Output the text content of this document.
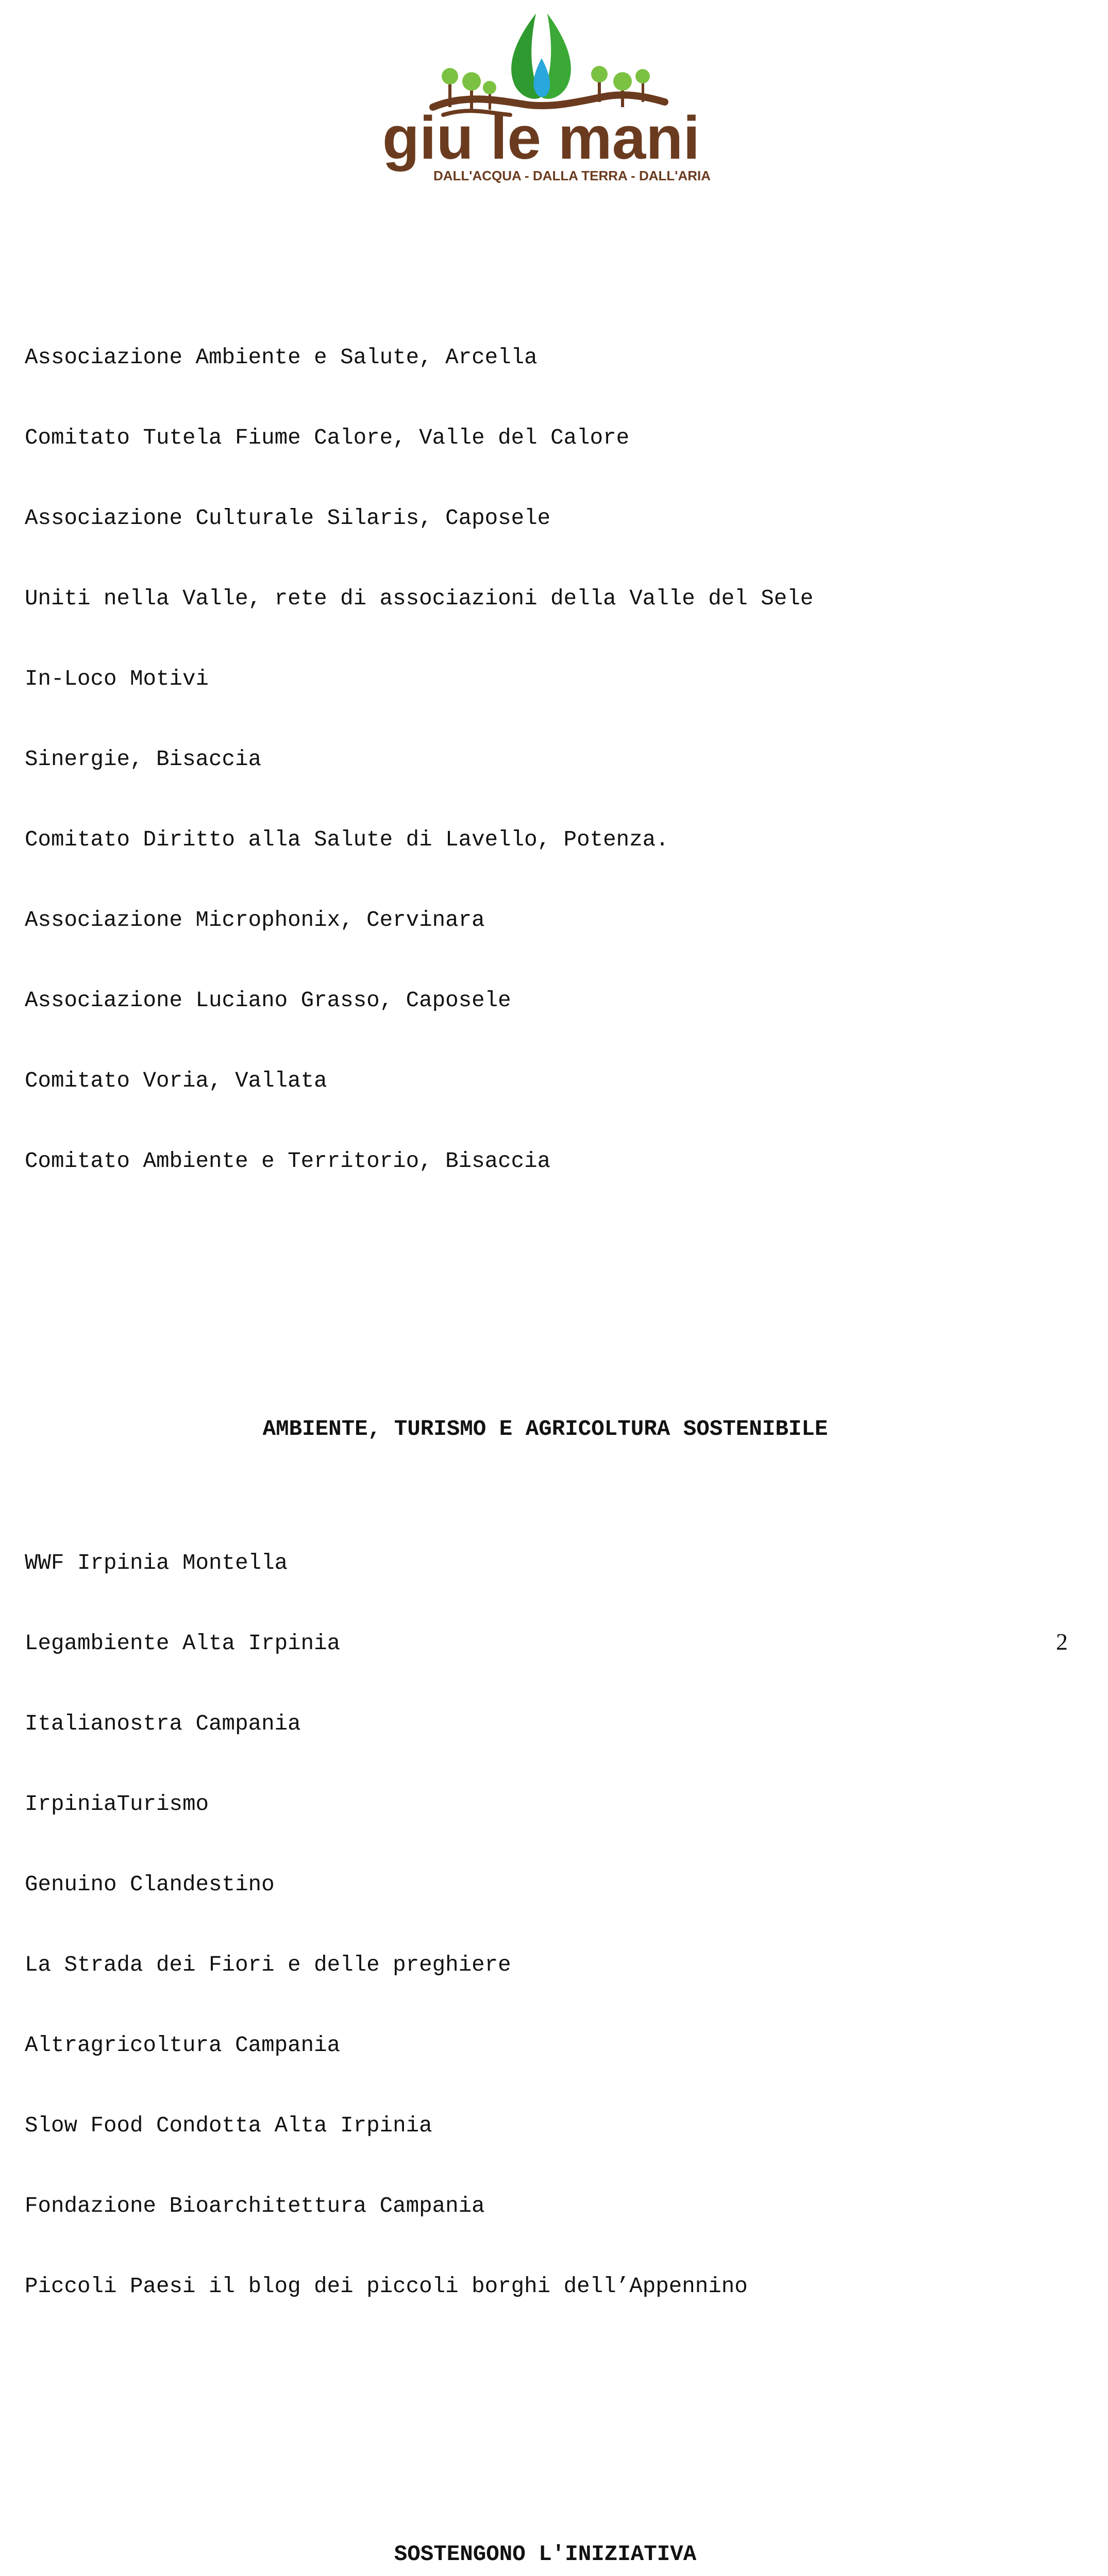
giu le mani
DALL'ACQUA - DALLA TERRA - DALL'ARIA

Associazione Ambiente e Salute, Arcella

Comitato Tutela Fiume Calore, Valle del Calore

Associazione Culturale Silaris, Caposele

Uniti nella Valle, rete di associazioni della Valle del Sele

In-Loco Motivi

Sinergie, Bisaccia

Comitato Diritto alla Salute di Lavello, Potenza.

Associazione Microphonix, Cervinara

Associazione Luciano Grasso, Caposele

Comitato Voria, Vallata

Comitato Ambiente e Territorio, Bisaccia

AMBIENTE, TURISMO E AGRICOLTURA SOSTENIBILE

WWF Irpinia Montella

Legambiente Alta Irpinia

Italianostra Campania

IrpiniaTurismo

Genuino Clandestino

La Strada dei Fiori e delle preghiere

Altragricoltura Campania

Slow Food Condotta Alta Irpinia

Fondazione Bioarchitettura Campania

Piccoli Paesi il blog dei piccoli borghi dell’Appennino

SOSTENGONO L'INIZIATIVA

2
